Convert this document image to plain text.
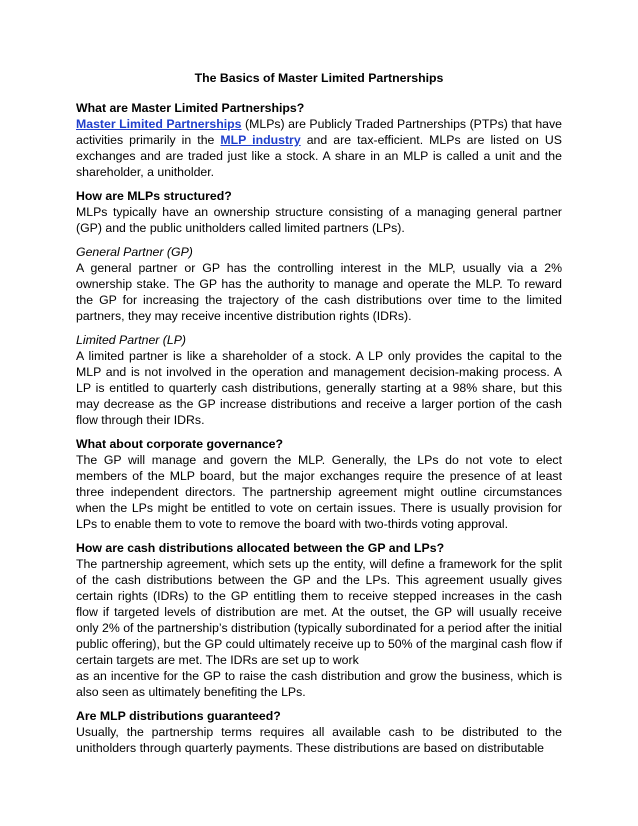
The Basics of Master Limited Partnerships
What are Master Limited Partnerships?

Master Limited Partnerships (MLPs) are Publicly Traded Partnerships (PTPs) that have activities primarily in the MLP industry and are tax-efficient. MLPs are listed on US exchanges and are traded just like a stock. A share in an MLP is called a unit and the shareholder, a unitholder.

How are MLPs structured?

MLPs typically have an ownership structure consisting of a managing general partner (GP) and the public unitholders called limited partners (LPs).

General Partner (GP)

A general partner or GP has the controlling interest in the MLP, usually via a 2% ownership stake. The GP has the authority to manage and operate the MLP. To reward the GP for increasing the trajectory of the cash distributions over time to the limited partners, they may receive incentive distribution rights (IDRs).

Limited Partner (LP)

A limited partner is like a shareholder of a stock. A LP only provides the capital to the MLP and is not involved in the operation and management decision-making process. A LP is entitled to quarterly cash distributions, generally starting at a 98% share, but this may decrease as the GP increase distributions and receive a larger portion of the cash flow through their IDRs.

What about corporate governance?

The GP will manage and govern the MLP. Generally, the LPs do not vote to elect members of the MLP board, but the major exchanges require the presence of at least three independent directors. The partnership agreement might outline circumstances when the LPs might be entitled to vote on certain issues. There is usually provision for LPs to enable them to vote to remove the board with two-thirds voting approval.

How are cash distributions allocated between the GP and LPs?

The partnership agreement, which sets up the entity, will define a framework for the split of the cash distributions between the GP and the LPs. This agreement usually gives certain rights (IDRs) to the GP entitling them to receive stepped increases in the cash flow if targeted levels of distribution are met. At the outset, the GP will usually receive only 2% of the partnership’s distribution (typically subordinated for a period after the initial public offering), but the GP could ultimately receive up to 50% of the marginal cash flow if certain targets are met. The IDRs are set up to work

as an incentive for the GP to raise the cash distribution and grow the business, which is also seen as ultimately benefiting the LPs.

Are MLP distributions guaranteed?

Usually, the partnership terms requires all available cash to be distributed to the unitholders through quarterly payments. These distributions are based on distributable
